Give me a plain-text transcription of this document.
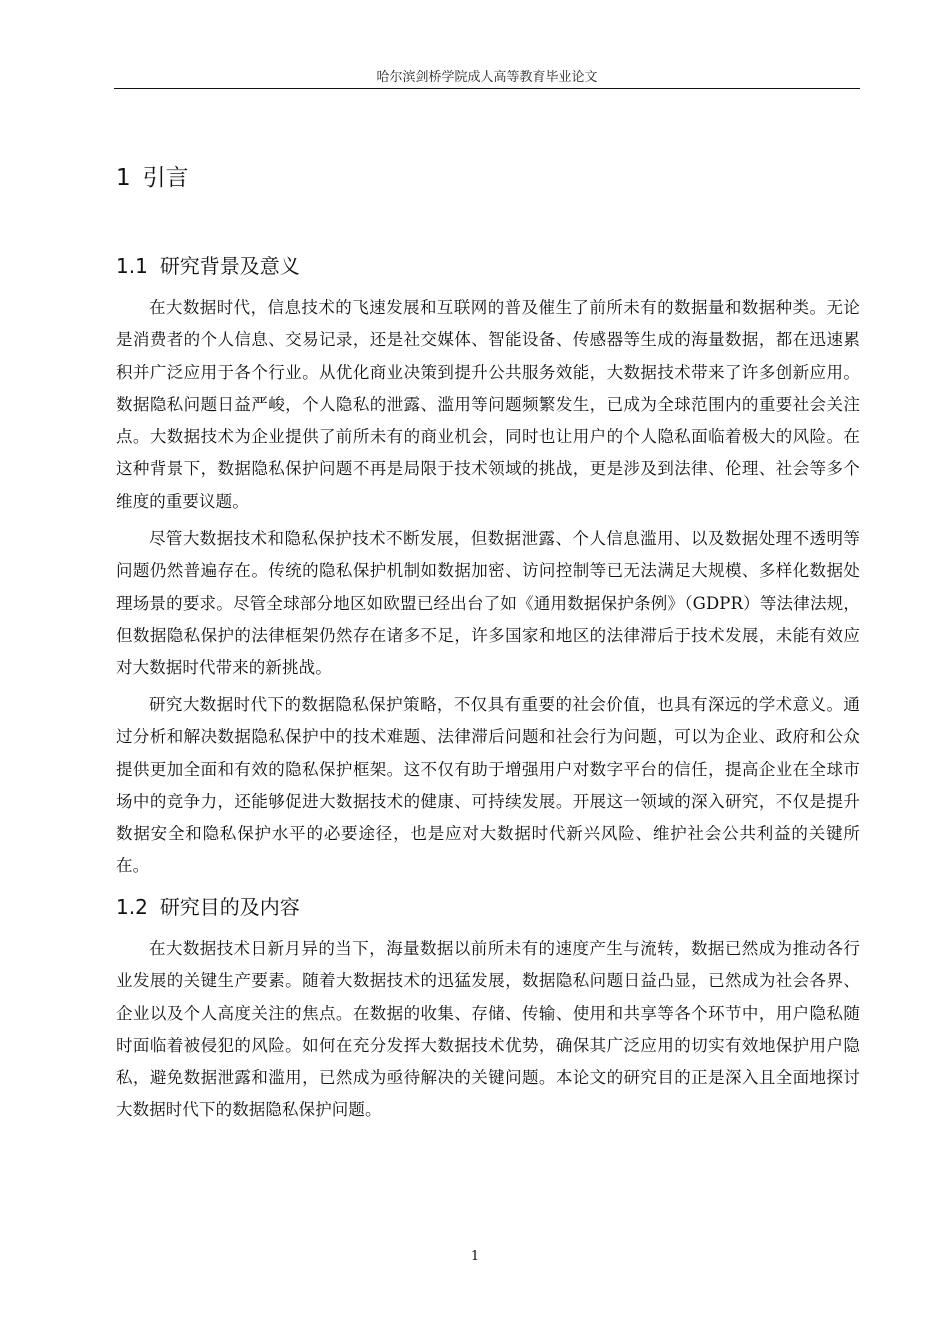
哈尔滨剑桥学院成人高等教育毕业论文
1 引言
1.1 研究背景及意义

在大数据时代，信息技术的飞速发展和互联网的普及催生了前所未有的数据量和数据种类。无论是消费者的个人信息、交易记录，还是社交媒体、智能设备、传感器等生成的海量数据，都在迅速累积并广泛应用于各个行业。从优化商业决策到提升公共服务效能，大数据技术带来了许多创新应用。数据隐私问题日益严峻，个人隐私的泄露、滥用等问题频繁发生，已成为全球范围内的重要社会关注点。大数据技术为企业提供了前所未有的商业机会，同时也让用户的个人隐私面临着极大的风险。在这种背景下，数据隐私保护问题不再是局限于技术领域的挑战，更是涉及到法律、伦理、社会等多个维度的重要议题。

尽管大数据技术和隐私保护技术不断发展，但数据泄露、个人信息滥用、以及数据处理不透明等问题仍然普遍存在。传统的隐私保护机制如数据加密、访问控制等已无法满足大规模、多样化数据处理场景的要求。尽管全球部分地区如欧盟已经出台了如《通用数据保护条例》（GDPR）等法律法规，但数据隐私保护的法律框架仍然存在诸多不足，许多国家和地区的法律滞后于技术发展，未能有效应对大数据时代带来的新挑战。

研究大数据时代下的数据隐私保护策略，不仅具有重要的社会价值，也具有深远的学术意义。通过分析和解决数据隐私保护中的技术难题、法律滞后问题和社会行为问题，可以为企业、政府和公众提供更加全面和有效的隐私保护框架。这不仅有助于增强用户对数字平台的信任，提高企业在全球市场中的竞争力，还能够促进大数据技术的健康、可持续发展。开展这一领域的深入研究，不仅是提升数据安全和隐私保护水平的必要途径，也是应对大数据时代新兴风险、维护社会公共利益的关键所在。

1.2 研究目的及内容

在大数据技术日新月异的当下，海量数据以前所未有的速度产生与流转，数据已然成为推动各行业发展的关键生产要素。随着大数据技术的迅猛发展，数据隐私问题日益凸显，已然成为社会各界、企业以及个人高度关注的焦点。在数据的收集、存储、传输、使用和共享等各个环节中，用户隐私随时面临着被侵犯的风险。如何在充分发挥大数据技术优势，确保其广泛应用的切实有效地保护用户隐私，避免数据泄露和滥用，已然成为亟待解决的关键问题。本论文的研究目的正是深入且全面地探讨大数据时代下的数据隐私保护问题。

1
